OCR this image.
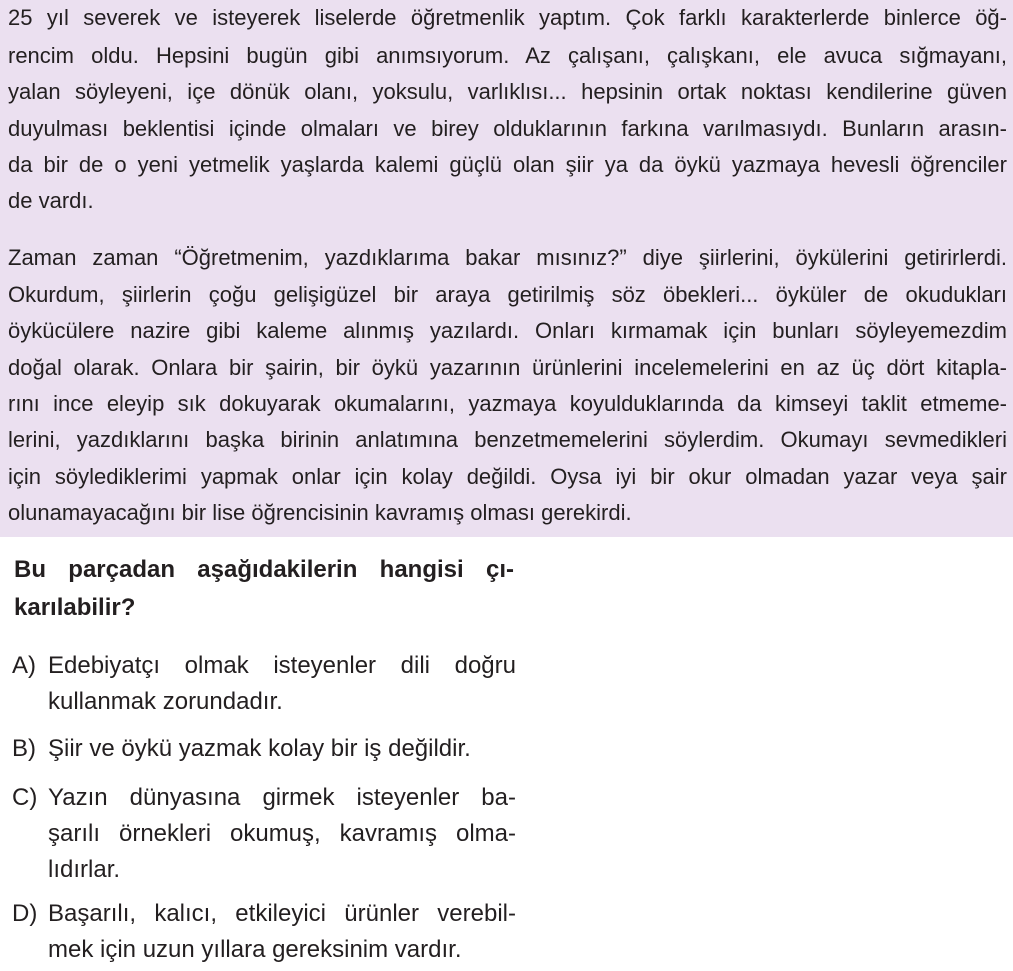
25 yıl severek ve isteyerek liselerde öğretmenlik yaptım. Çok farklı karakterlerde binlerce öğ-
rencim oldu. Hepsini bugün gibi anımsıyorum. Az çalışanı, çalışkanı, ele avuca sığmayanı,
yalan söyleyeni, içe dönük olanı, yoksulu, varlıklısı... hepsinin ortak noktası kendilerine güven
duyulması beklentisi içinde olmaları ve birey olduklarının farkına varılmasıydı. Bunların arasın-
da bir de o yeni yetmelik yaşlarda kalemi güçlü olan şiir ya da öykü yazmaya hevesli öğrenciler
de vardı.
Zaman zaman “Öğretmenim, yazdıklarıma bakar mısınız?” diye şiirlerini, öykülerini getirirlerdi.
Okurdum, şiirlerin çoğu gelişigüzel bir araya getirilmiş söz öbekleri... öyküler de okudukları
öykücülere nazire gibi kaleme alınmış yazılardı. Onları kırmamak için bunları söyleyemezdim
doğal olarak. Onlara bir şairin, bir öykü yazarının ürünlerini incelemelerini en az üç dört kitapla-
rını ince eleyip sık dokuyarak okumalarını, yazmaya koyulduklarında da kimseyi taklit etmeme-
lerini, yazdıklarını başka birinin anlatımına benzetmemelerini söylerdim. Okumayı sevmedikleri
için söylediklerimi yapmak onlar için kolay değildi. Oysa iyi bir okur olmadan yazar veya şair
olunamayacağını bir lise öğrencisinin kavramış olması gerekirdi.
Bu parçadan aşağıdakilerin hangisi çı-
karılabilir?
A) Edebiyatçı olmak isteyenler dili doğru
kullanmak zorundadır.
B) Şiir ve öykü yazmak kolay bir iş değildir.
C) Yazın dünyasına girmek isteyenler ba-
şarılı örnekleri okumuş, kavramış olma-
lıdırlar.
D) Başarılı, kalıcı, etkileyici ürünler verebil-
mek için uzun yıllara gereksinim vardır.
